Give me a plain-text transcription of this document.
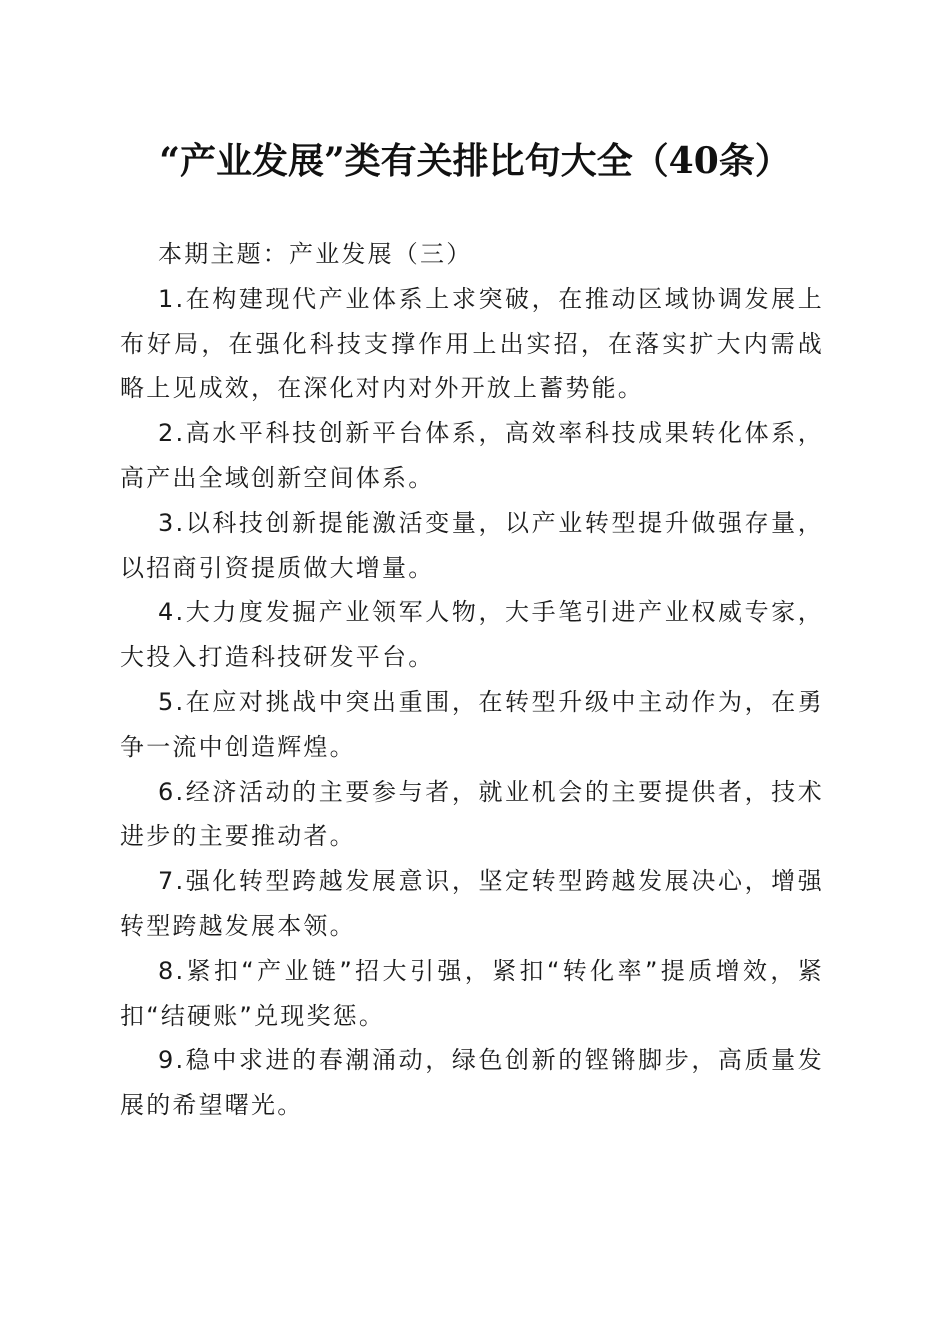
“产业发展”类有关排比句大全（40条）

本期主题：产业发展（三）

1.在构建现代产业体系上求突破，在推动区域协调发展上布好局，在强化科技支撑作用上出实招，在落实扩大内需战略上见成效，在深化对内对外开放上蓄势能。

2.高水平科技创新平台体系，高效率科技成果转化体系，高产出全域创新空间体系。

3.以科技创新提能激活变量，以产业转型提升做强存量，以招商引资提质做大增量。

4.大力度发掘产业领军人物，大手笔引进产业权威专家，大投入打造科技研发平台。

5.在应对挑战中突出重围，在转型升级中主动作为，在勇争一流中创造辉煌。

6.经济活动的主要参与者，就业机会的主要提供者，技术进步的主要推动者。

7.强化转型跨越发展意识，坚定转型跨越发展决心，增强转型跨越发展本领。

8.紧扣“产业链”招大引强，紧扣“转化率”提质增效，紧扣“结硬账”兑现奖惩。

9.稳中求进的春潮涌动，绿色创新的铿锵脚步，高质量发展的希望曙光。
